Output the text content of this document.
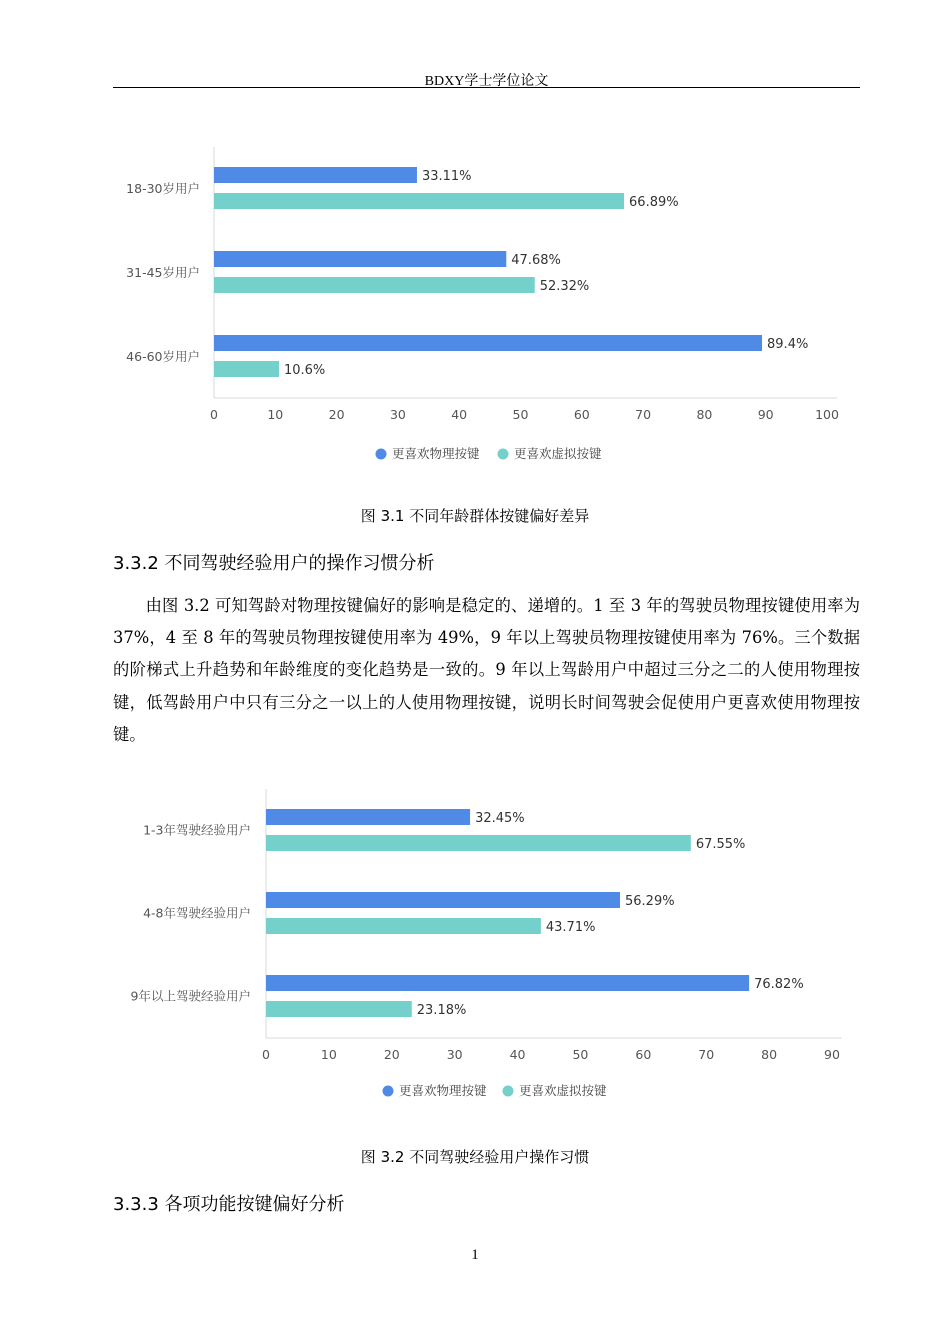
BDXY学士学位论文
18-30岁用户
33.11%
66.89%
31-45岁用户
47.68%
52.32%
46-60岁用户
89.4%
10.6%
0	10	20	30	40	50	60	70	80	90	100
更喜欢物理按键	更喜欢虚拟按键
图 3.1 不同年龄群体按键偏好差异
3.3.2 不同驾驶经验用户的操作习惯分析
由图 3.2 可知驾龄对物理按键偏好的影响是稳定的、递增的。1 至 3 年的驾驶员物理按键使用率为 37%，4 至 8 年的驾驶员物理按键使用率为 49%，9 年以上驾驶员物理按键使用率为 76%。三个数据的阶梯式上升趋势和年龄维度的变化趋势是一致的。9 年以上驾龄用户中超过三分之二的人使用物理按键，低驾龄用户中只有三分之一以上的人使用物理按键，说明长时间驾驶会促使用户更喜欢使用物理按键。
1-3年驾驶经验用户
32.45%
67.55%
4-8年驾驶经验用户
56.29%
43.71%
9年以上驾驶经验用户
76.82%
23.18%
0	10	20	30	40	50	60	70	80	90
更喜欢物理按键	更喜欢虚拟按键
图 3.2 不同驾驶经验用户操作习惯
3.3.3 各项功能按键偏好分析
1
